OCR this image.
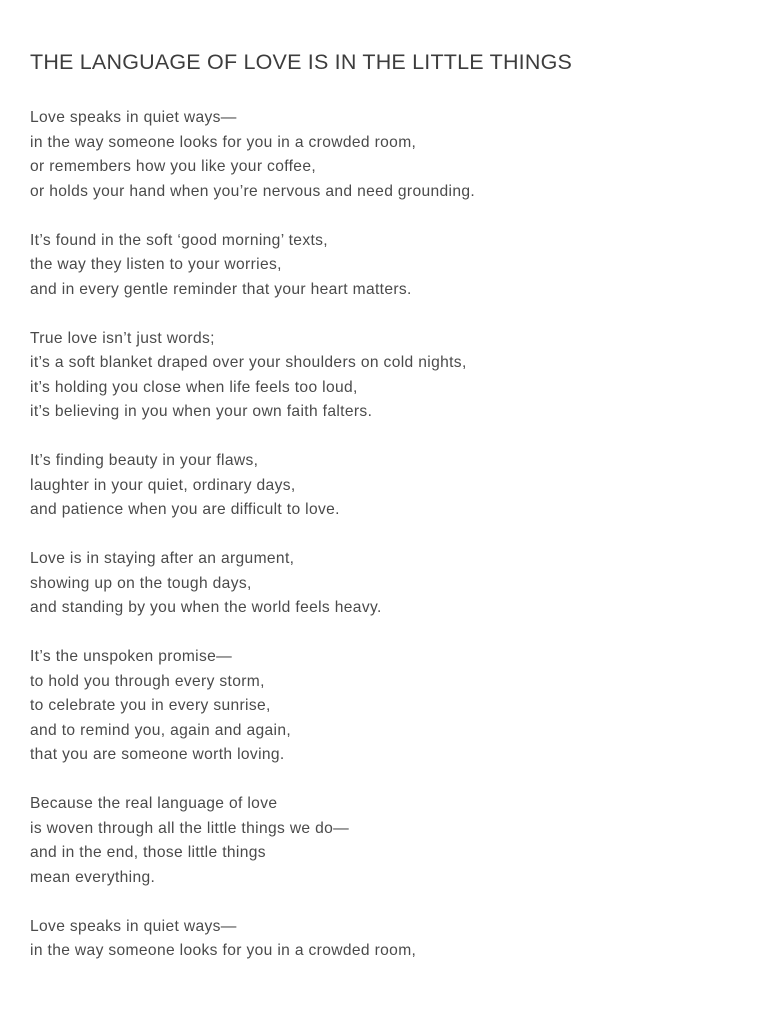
THE LANGUAGE OF LOVE IS IN THE LITTLE THINGS
Love speaks in quiet ways—
in the way someone looks for you in a crowded room,
or remembers how you like your coffee,
or holds your hand when you’re nervous and need grounding.
It’s found in the soft ‘good morning’ texts,
the way they listen to your worries,
and in every gentle reminder that your heart matters.
True love isn’t just words;
it’s a soft blanket draped over your shoulders on cold nights,
it’s holding you close when life feels too loud,
it’s believing in you when your own faith falters.
It’s finding beauty in your flaws,
laughter in your quiet, ordinary days,
and patience when you are difficult to love.
Love is in staying after an argument,
showing up on the tough days,
and standing by you when the world feels heavy.
It’s the unspoken promise—
to hold you through every storm,
to celebrate you in every sunrise,
and to remind you, again and again,
that you are someone worth loving.
Because the real language of love
is woven through all the little things we do—
and in the end, those little things
mean everything.
Love speaks in quiet ways—
in the way someone looks for you in a crowded room,
